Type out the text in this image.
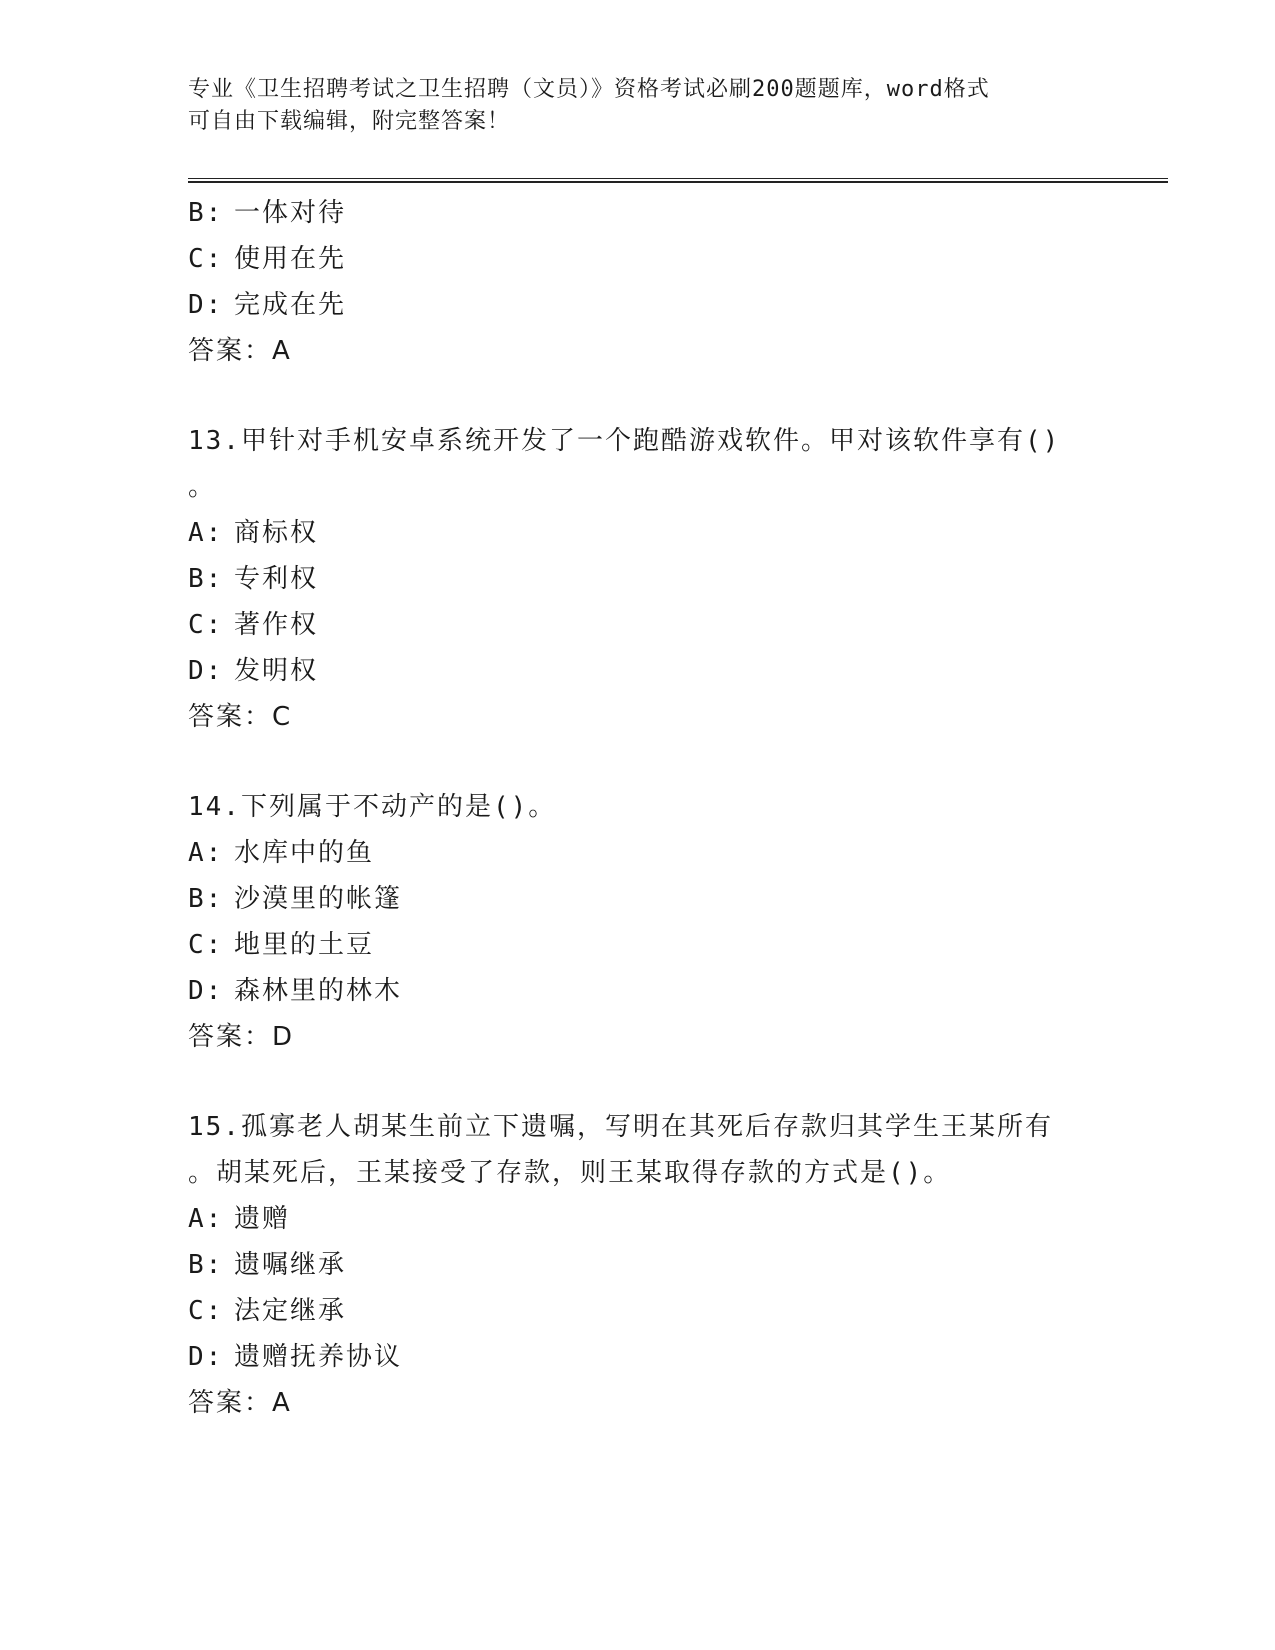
专业《卫生招聘考试之卫生招聘（文员）》资格考试必刷200题题库，word格式
可自由下载编辑，附完整答案！
B: 一体对待
C: 使用在先
D: 完成在先
答案：A
13.甲针对手机安卓系统开发了一个跑酷游戏软件。甲对该软件享有()
。
A: 商标权
B: 专利权
C: 著作权
D: 发明权
答案：C
14.下列属于不动产的是()。
A: 水库中的鱼
B: 沙漠里的帐篷
C: 地里的土豆
D: 森林里的林木
答案：D
15.孤寡老人胡某生前立下遗嘱，写明在其死后存款归其学生王某所有
。胡某死后，王某接受了存款，则王某取得存款的方式是()。
A: 遗赠
B: 遗嘱继承
C: 法定继承
D: 遗赠抚养协议
答案：A
